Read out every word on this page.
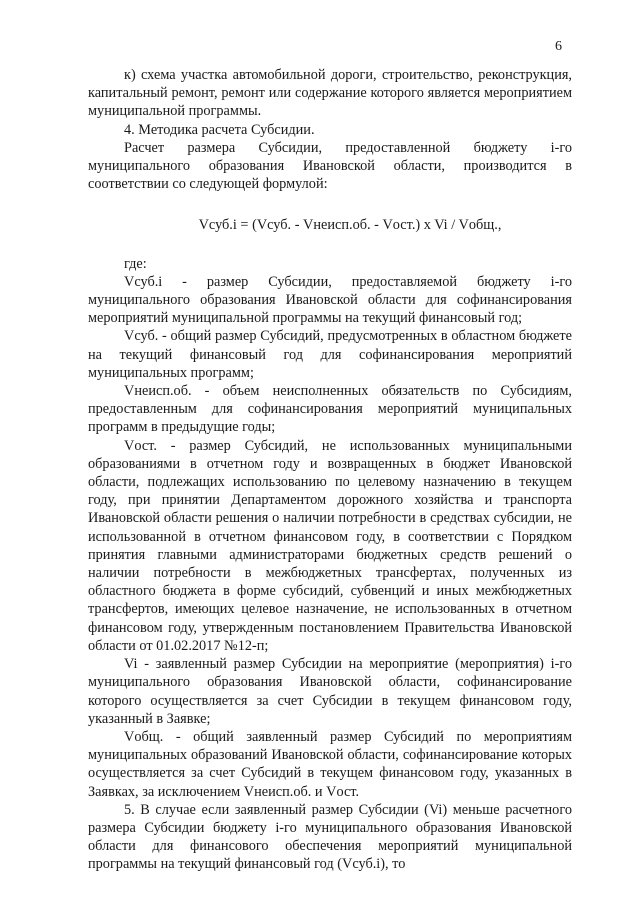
6

к) схема участка автомобильной дороги, строительство, реконструкция, капитальный ремонт, ремонт или содержание которого является мероприятием муниципальной программы.

4. Методика расчета Субсидии.

Расчет размера Субсидии, предоставленной бюджету i-го муниципального образования Ивановской области, производится в соответствии со следующей формулой:

Vсуб.i = (Vсуб. - Vнеисп.об. - Vост.) x Vi / Vобщ.,

где:

Vсуб.i - размер Субсидии, предоставляемой бюджету i-го муниципального образования Ивановской области для софинансирования мероприятий муниципальной программы на текущий финансовый год;

Vсуб. - общий размер Субсидий, предусмотренных в областном бюджете на текущий финансовый год для софинансирования мероприятий муниципальных программ;

Vнеисп.об. - объем неисполненных обязательств по Субсидиям, предоставленным для софинансирования мероприятий муниципальных программ в предыдущие годы;

Vост. - размер Субсидий, не использованных муниципальными образованиями в отчетном году и возвращенных в бюджет Ивановской области, подлежащих использованию по целевому назначению в текущем году, при принятии Департаментом дорожного хозяйства и транспорта Ивановской области решения о наличии потребности в средствах субсидии, не использованной в отчетном финансовом году, в соответствии с Порядком принятия главными администраторами бюджетных средств решений о наличии потребности в межбюджетных трансфертах, полученных из областного бюджета в форме субсидий, субвенций и иных межбюджетных трансфертов, имеющих целевое назначение, не использованных в отчетном финансовом году, утвержденным постановлением Правительства Ивановской области от 01.02.2017 №12-п;

Vi - заявленный размер Субсидии на мероприятие (мероприятия) i-го муниципального образования Ивановской области, софинансирование которого осуществляется за счет Субсидии в текущем финансовом году, указанный в Заявке;

Vобщ. - общий заявленный размер Субсидий по мероприятиям муниципальных образований Ивановской области, софинансирование которых осуществляется за счет Субсидий в текущем финансовом году, указанных в Заявках, за исключением Vнеисп.об. и Vост.

5. В случае если заявленный размер Субсидии (Vi) меньше расчетного размера Субсидии бюджету i-го муниципального образования Ивановской области для финансового обеспечения мероприятий муниципальной программы на текущий финансовый год (Vсуб.i), то
